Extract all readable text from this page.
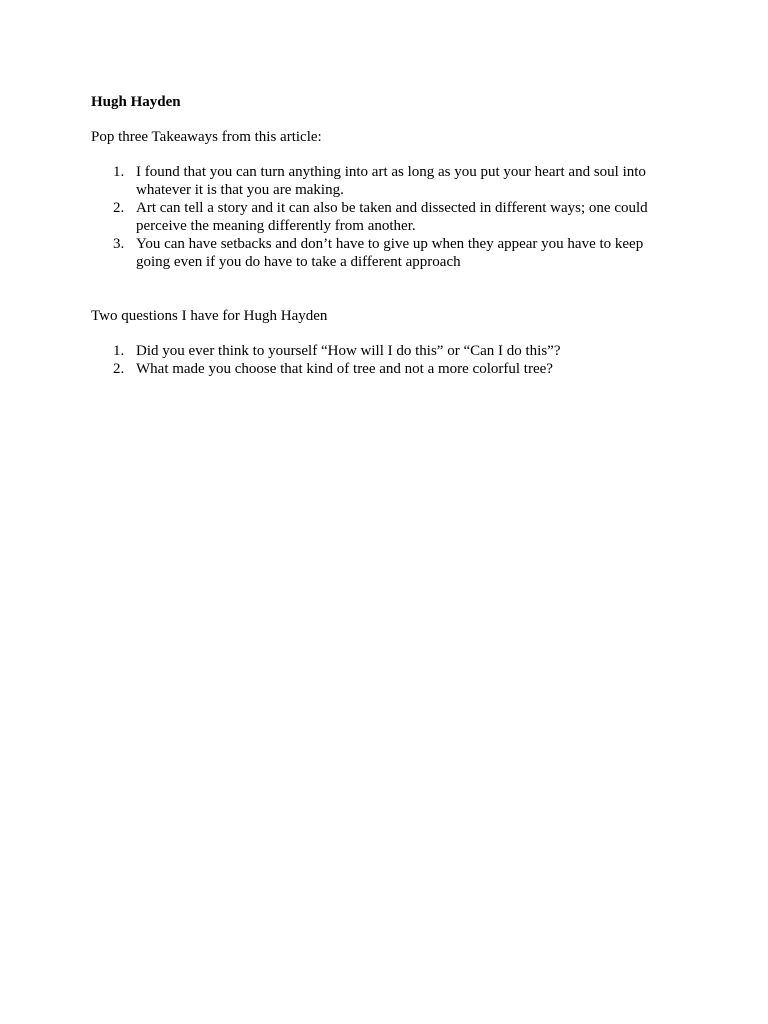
Hugh Hayden

Pop three Takeaways from this article:

1. I found that you can turn anything into art as long as you put your heart and soul into whatever it is that you are making.
2. Art can tell a story and it can also be taken and dissected in different ways; one could perceive the meaning differently from another.
3. You can have setbacks and don’t have to give up when they appear you have to keep going even if you do have to take a different approach

Two questions I have for Hugh Hayden

1. Did you ever think to yourself “How will I do this” or “Can I do this”?
2. What made you choose that kind of tree and not a more colorful tree?
